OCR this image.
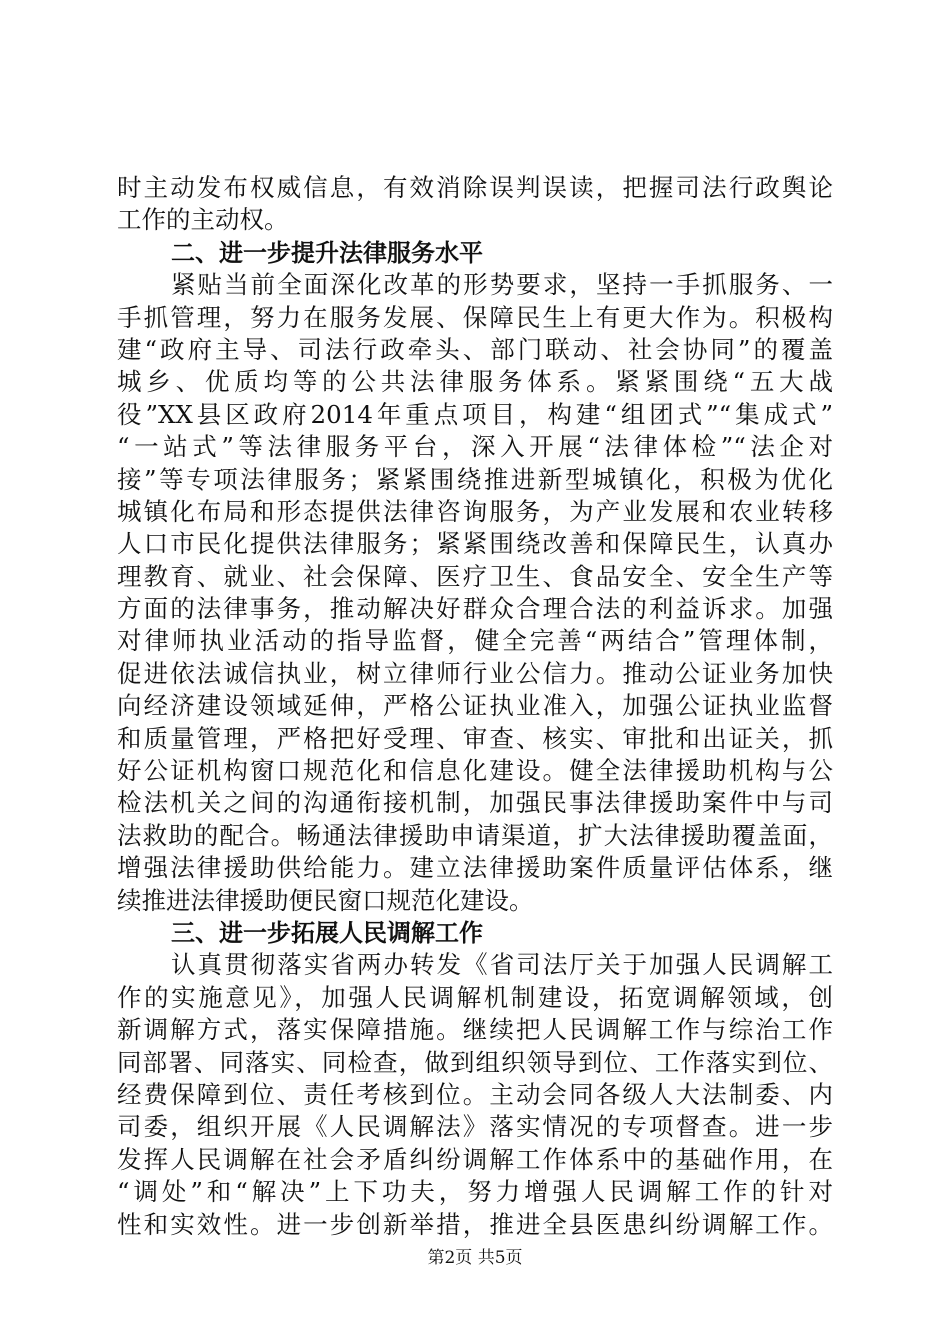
时主动发布权威信息，有效消除误判误读，把握司法行政舆论
工作的主动权。
二、进一步提升法律服务水平
紧贴当前全面深化改革的形势要求，坚持一手抓服务、一
手抓管理，努力在服务发展、保障民生上有更大作为。积极构
建“政府主导、司法行政牵头、部门联动、社会协同”的覆盖
城乡、优质均等的公共法律服务体系。紧紧围绕“五大战
役”XX县区政府2014年重点项目，构建“组团式”“集成式”
“一站式”等法律服务平台，深入开展“法律体检”“法企对
接”等专项法律服务；紧紧围绕推进新型城镇化，积极为优化
城镇化布局和形态提供法律咨询服务，为产业发展和农业转移
人口市民化提供法律服务；紧紧围绕改善和保障民生，认真办
理教育、就业、社会保障、医疗卫生、食品安全、安全生产等
方面的法律事务，推动解决好群众合理合法的利益诉求。加强
对律师执业活动的指导监督，健全完善“两结合”管理体制，
促进依法诚信执业，树立律师行业公信力。推动公证业务加快
向经济建设领域延伸，严格公证执业准入，加强公证执业监督
和质量管理，严格把好受理、审查、核实、审批和出证关，抓
好公证机构窗口规范化和信息化建设。健全法律援助机构与公
检法机关之间的沟通衔接机制，加强民事法律援助案件中与司
法救助的配合。畅通法律援助申请渠道，扩大法律援助覆盖面，
增强法律援助供给能力。建立法律援助案件质量评估体系，继
续推进法律援助便民窗口规范化建设。
三、进一步拓展人民调解工作
认真贯彻落实省两办转发《省司法厅关于加强人民调解工
作的实施意见》，加强人民调解机制建设，拓宽调解领域，创
新调解方式，落实保障措施。继续把人民调解工作与综治工作
同部署、同落实、同检查，做到组织领导到位、工作落实到位、
经费保障到位、责任考核到位。主动会同各级人大法制委、内
司委，组织开展《人民调解法》落实情况的专项督查。进一步
发挥人民调解在社会矛盾纠纷调解工作体系中的基础作用，在
“调处”和“解决”上下功夫，努力增强人民调解工作的针对
性和实效性。进一步创新举措，推进全县医患纠纷调解工作。
第2页 共5页
